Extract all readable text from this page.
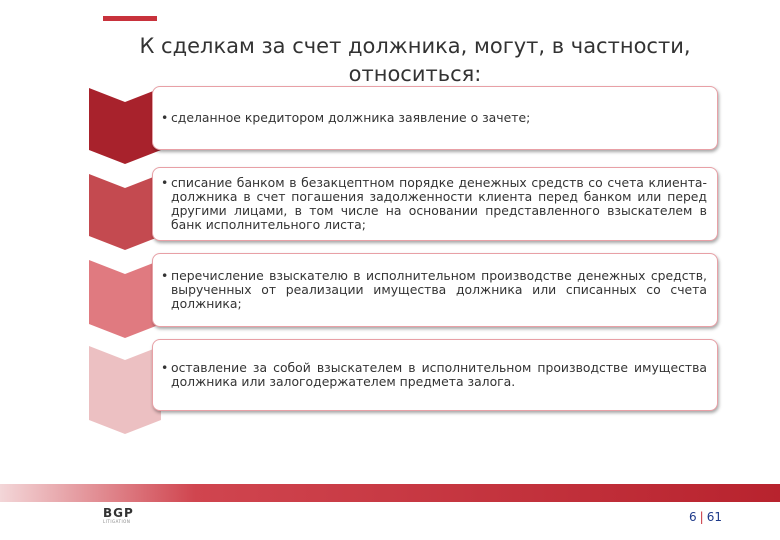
К сделкам за счет должника, могут, в частности, относиться:
• сделанное кредитором должника заявление о зачете;
• списание банком в безакцептном порядке денежных средств со счета клиента-должника в счет погашения задолженности клиента перед банком или перед другими лицами, в том числе на основании представленного взыскателем в банк исполнительного листа;
• перечисление взыскателю в исполнительном производстве денежных средств, вырученных от реализации имущества должника или списанных со счета должника;
• оставление за собой взыскателем в исполнительном производстве имущества должника или залогодержателем предмета залога.
BGP
LITIGATION	6 | 61
